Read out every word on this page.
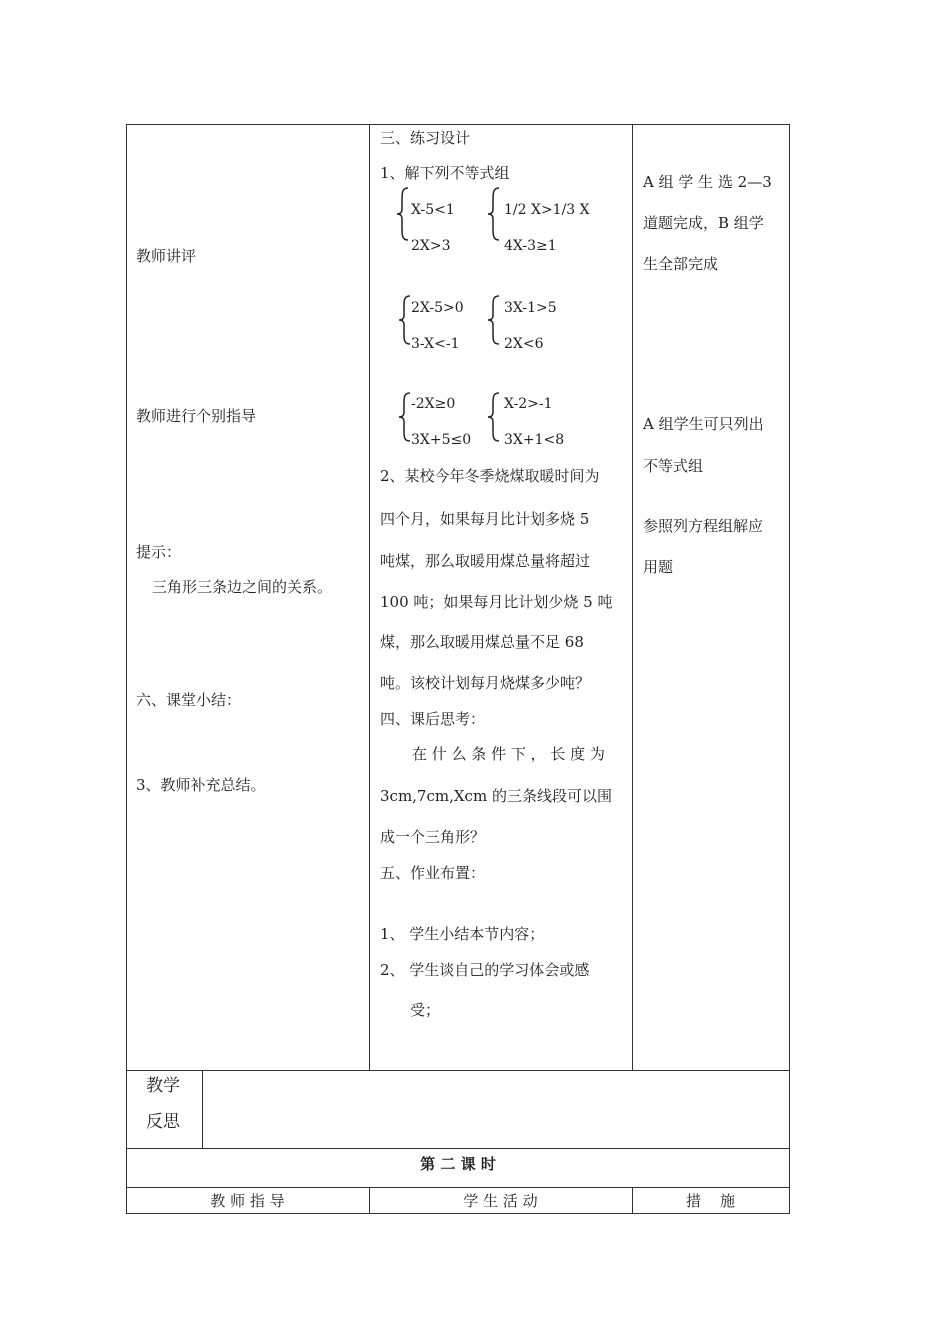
教师讲评
教师进行个别指导
提示：
三角形三条边之间的关系。
六、课堂小结：
3、教师补充总结。
三、练习设计
1、解下列不等式组
X-5<1
2X>3
1/2 X>1/3 X
4X-3≥1
2X-5>0
3-X<-1
3X-1>5
2X<6
-2X≥0
3X+5≤0
X-2>-1
3X+1<8
2、某校今年冬季烧煤取暖时间为
四个月，如果每月比计划多烧 5
吨煤，那么取暖用煤总量将超过
100 吨；如果每月比计划少烧 5 吨
煤，那么取暖用煤总量不足 68
吨。该校计划每月烧煤多少吨？
四、课后思考：
在 什 么 条 件 下 ， 长 度 为
3cm,7cm,Xcm 的三条线段可以围
成一个三角形？
五、作业布置：
1、 学生小结本节内容；
2、 学生谈自己的学习体会或感
受；
A 组 学 生 选 2—3
道题完成，B 组学
生全部完成
A 组学生可只列出
不等式组
参照列方程组解应
用题
教学
反思
第 二 课 时
教 师 指 导	学 生 活 动	措    施
